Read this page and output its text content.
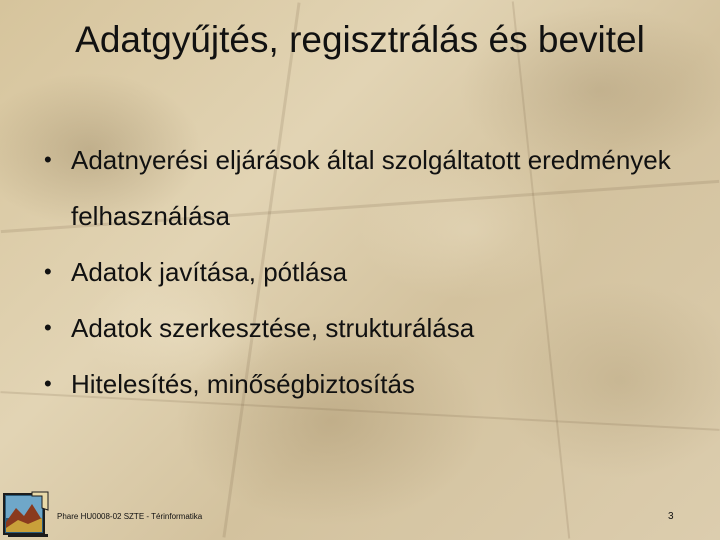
Adatgyűjtés, regisztrálás és bevitel
• Adatnyerési eljárások által szolgáltatott eredmények felhasználása
• Adatok javítása, pótlása
• Adatok szerkesztése, strukturálása
• Hitelesítés, minőségbiztosítás
Phare HU0008-02 SZTE - Térinformatika	3
